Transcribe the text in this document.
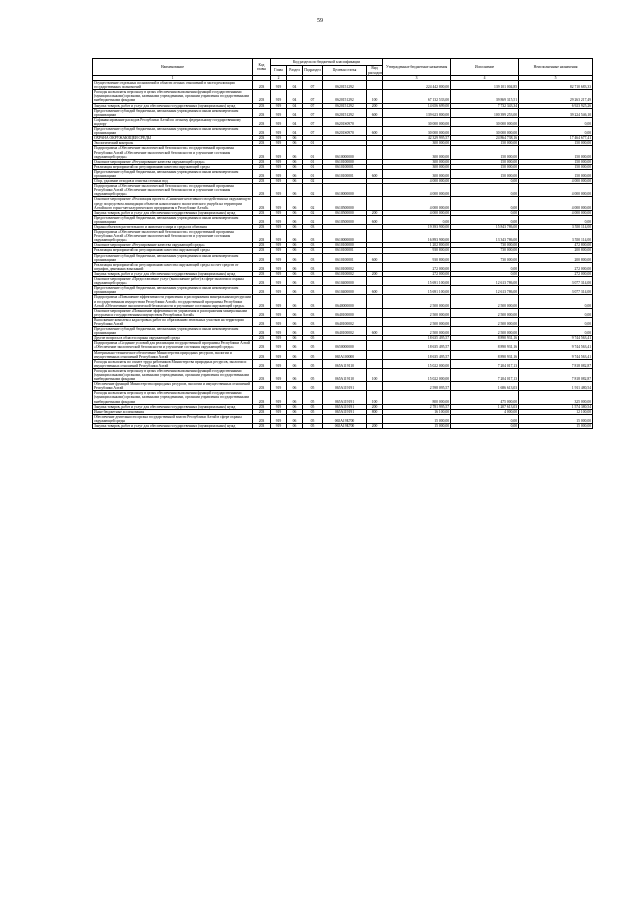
59
Наименование	Код главы	Код раздела по бюджетной классификации					Утвержденные бюджетные назначения	Исполнение	Неисполненные назначения
		Глава	Раздел	Подраздел	Целевая статья	Вид расходов			
1		2					3	4	5
Осуществление отдельных полномочий в области лесных отношений в части реализации государственных полномочий	203	919	04	07	0620151292		224 442 800,00	139 101 004,85	82 710 683,33
Расходы на выплаты персоналу в целях обеспечения выполнения функций государственными (муниципальными) органами, казенными учреждениями, органами управления государственными внебюджетными фондами	203	919	04	07	0620151292	100	67 132 533,00	39 869 315,51	29 263 217,49
Закупка товаров, работ и услуг для обеспечения государственных (муниципальных) нужд	203	919	04	07	0620151292	200	14 656 699,00	7 732 343,34	6 923 925,26
Предоставление субсидий бюджетным, автономным учреждениям и иным некоммерческим организациям	203	919	04	07	0620151292	600	139 623 800,00	100 399 253,00	39 224 546,10
Софинансирование расходов Республики Алтай по лесному федеральному государственному надзору	203	919	04	07	06201S0970		30 000 000,00	30 000 000,00	0,00
Предоставление субсидий бюджетным, автономным учреждениям и иным некоммерческим организациям	203	919	04	07	06201S0970	600	30 000 000,00	30 000 000,00	0,00
ОХРАНА ОКРУЖАЮЩЕЙ СРЕДЫ	203	919	06				42 329 995,57	24 864 738,16	17 464 677,41
Экологический контроль	203	919	06	01			300 000,00	150 000,00	150 000,00
Подпрограмма «Обеспечение экологической безопасности» государственной программы Республики Алтай «Обеспечение экологической безопасности и улучшение состояния окружающей среды»	203	919	06	01	0610000000		300 000,00	150 000,00	150 000,00
Основное мероприятие «Регулирование качества окружающей среды»	203	919	06	01	0610100000		300 000,00	150 000,00	150 000,00
Реализация мероприятий по регулированию качества окружающей среды	203	919	06	01	0610100001		300 000,00	150 000,00	150 000,00
Предоставление субсидий бюджетным, автономным учреждениям и иным некоммерческим организациям	203	919	06	01	0610100001	600	300 000,00	150 000,00	150 000,00
Сбор, удаление отходов и очистка сточных вод	203	919	06	02			4 000 000,00	0,00	4 000 000,00
Подпрограмма «Обеспечение экологической безопасности» государственной программы Республики Алтай «Обеспечение экологической безопасности и улучшение состояния окружающей среды»	203	919	06	02	0610000000		4 000 000,00	0,00	4 000 000,00
Основное мероприятие «Реализация проекта «Снижение негативного воздействия на окружающую среду посредством ликвидации объектов накопленного экологического ущерба на территории Алтайского горно-металлургического предприятия в Республике Алтай»	203	919	06	02	0610500000		4 000 000,00	0,00	4 000 000,00
Закупка товаров, работ и услуг для обеспечения государственных (муниципальных) нужд	203	919	06	02	0610500000	200	4 000 000,00	0,00	4 000 000,00
Предоставление субсидий бюджетным, автономным учреждениям и иным некоммерческим организациям	203	919	06	02	0610500000	600	0,00	0,00	0,00
Охрана объектов растительного и животного мира и среды их обитания	203	919	06	03			19 393 900,00	15 843 786,00	3 550 114,00
Подпрограмма «Обеспечение экологической безопасности» государственной программы Республики Алтай «Обеспечение экологической безопасности и улучшение состояния окружающей среды»	203	919	06	03	0610000000		16 893 900,00	13 343 786,00	3 550 114,00
Основное мероприятие «Регулирование качества окружающей среды»	203	919	06	03	0610100000		1 202 800,00	730 000,00	472 800,00
Реализация мероприятий по регулированию качества окружающей среды	203	919	06	03	0610100001		930 800,00	730 000,00	200 800,00
Предоставление субсидий бюджетным, автономным учреждениям и иным некоммерческим организациям	203	919	06	03	0610100001	600	930 800,00	730 000,00	200 800,00
Реализация мероприятий по регулированию качества окружающей среды за счет средств от штрафов, денежных взысканий	203	919	06	03	0610100002		272 000,00	0,00	272 000,00
Закупка товаров, работ и услуг для обеспечения государственных (муниципальных) нужд	203	919	06	03	0610100002	200	272 000,00	0,00	272 000,00
Основное мероприятие «Предоставление услуг (выполнение работ) в сфере экологии и охраны окружающей среды»	203	919	06	03	0610400000		15 691 100,00	12 613 786,00	3 077 314,00
Предоставление субсидий бюджетным, автономным учреждениям и иным некоммерческим организациям	203	919	06	03	0610400000	600	15 691 100,00	12 613 786,00	3 077 314,00
Подпрограмма «Повышение эффективности управления и распоряжения минеральными ресурсами и государственным имуществом Республики Алтай» государственной программы Республики Алтай «Обеспечение экологической безопасности и улучшение состояния окружающей среды»	203	919	06	03	0640000000		2 500 000,00	2 500 000,00	0,00
Основное мероприятие «Повышение эффективности управления и распоряжения минеральными ресурсами и государственным имуществом Республики Алтай»	203	919	06	03	0640100000		2 500 000,00	2 500 000,00	0,00
Выполнение комплекса кадастровых работ по образованию земельных участков на территории Республики Алтай	203	919	06	03	0640100002		2 500 000,00	2 500 000,00	0,00
Предоставление субсидий бюджетным, автономным учреждениям и иным некоммерческим организациям	203	919	06	03	0640100002	600	2 500 000,00	2 500 000,00	0,00
Другие вопросы в области охраны окружающей среды	203	919	06	05			18 635 495,57	8 890 931,16	9 744 563,41
Подпрограмма «Создание условий для реализации государственной программы Республики Алтай «Обеспечение экологической безопасности и улучшение состояния окружающей среды»	203	919	06	05	0650000000		18 635 495,57	8 890 931,16	9 744 563,41
Материально-техническое обеспечение Министерства природных ресурсов, экологии и имущественных отношений Республики Алтай	203	919	06	05	065А100000		18 635 495,57	8 890 931,16	9 744 563,41
Расходы на выплаты по оплате труда работников Министерства природных ресурсов, экологии и имущественных отношений Республики Алтай	203	919	06	05	065А119110		15 022 000,00	7 204 017,13	7 818 082,87
Расходы на выплаты персоналу в целях обеспечения выполнения функций государственными (муниципальными) органами, казенными учреждениями, органами управления государственными внебюджетными фондами	203	919	06	05	065А119110	100	15 022 000,00	7 204 017,13	7 818 082,87
Обеспечение функций Министерства природных ресурсов, экологии и имущественных отношений Республики Алтай	203	919	06	05	065А119191		2 598 095,57	1 686 613,03	1 911 480,54
Расходы на выплаты персоналу в целях обеспечения выполнения функций государственными (муниципальными) органами, казенными учреждениями, органами управления государственными внебюджетными фондами	203	919	06	05	065А119191	100	800 000,00	475 000,00	325 000,00
Закупка товаров, работ и услуг для обеспечения государственных (муниципальных) нужд	203	919	06	05	065А119191	200	2 781 995,57	1 207 613,03	1 574 380,54
Иные бюджетные ассигнования	203	919	06	05	065А119191	800	16 100,00	4 000,00	12 100,00
Обеспечение деятельности органа государственной власти Республики Алтай в сфере охраны окружающей среды	203	919	06	05	065А19Б700		15 000,00	0,00	15 000,00
Закупка товаров, работ и услуг для обеспечения государственных (муниципальных) нужд	203	919	06	05	065А19Б700	200	15 000,00	0,00	15 000,00
